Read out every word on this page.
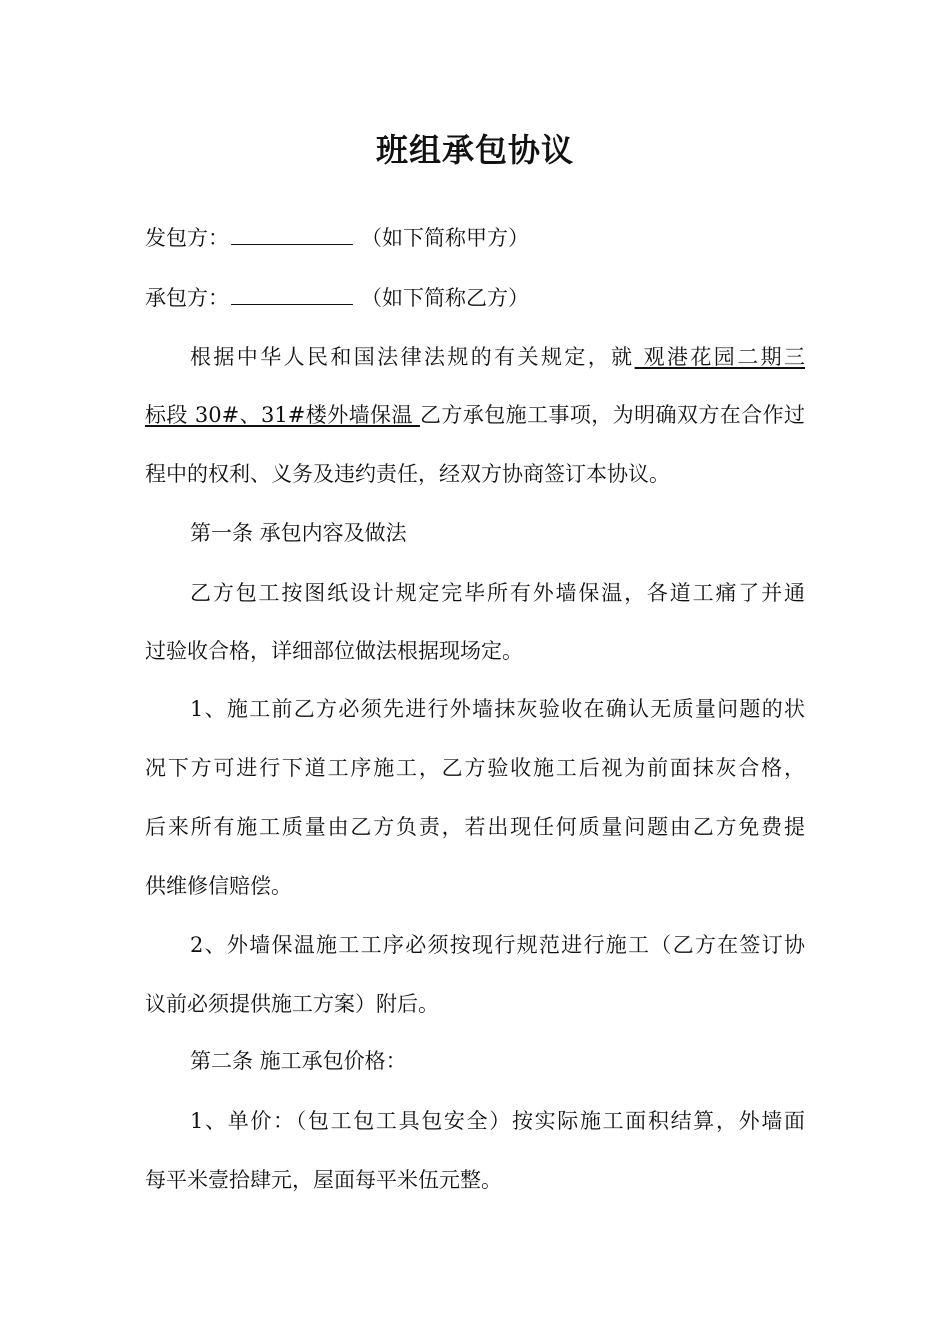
班组承包协议
发包方：	（如下简称甲方）
承包方：	（如下简称乙方）
根据中华人民和国法律法规的有关规定，就 观港花园二期三
标段 30#、31#楼外墙保温 乙方承包施工事项，为明确双方在合作过
程中的权利、义务及违约责任，经双方协商签订本协议。
第一条 承包内容及做法
乙方包工按图纸设计规定完毕所有外墙保温，各道工痛了并通
过验收合格，详细部位做法根据现场定。
1、施工前乙方必须先进行外墙抹灰验收在确认无质量问题的状
况下方可进行下道工序施工，乙方验收施工后视为前面抹灰合格，
后来所有施工质量由乙方负责，若出现任何质量问题由乙方免费提
供维修信赔偿。
2、外墙保温施工工序必须按现行规范进行施工（乙方在签订协
议前必须提供施工方案）附后。
第二条 施工承包价格：
1、单价：（包工包工具包安全）按实际施工面积结算，外墙面
每平米壹拾肆元，屋面每平米伍元整。
